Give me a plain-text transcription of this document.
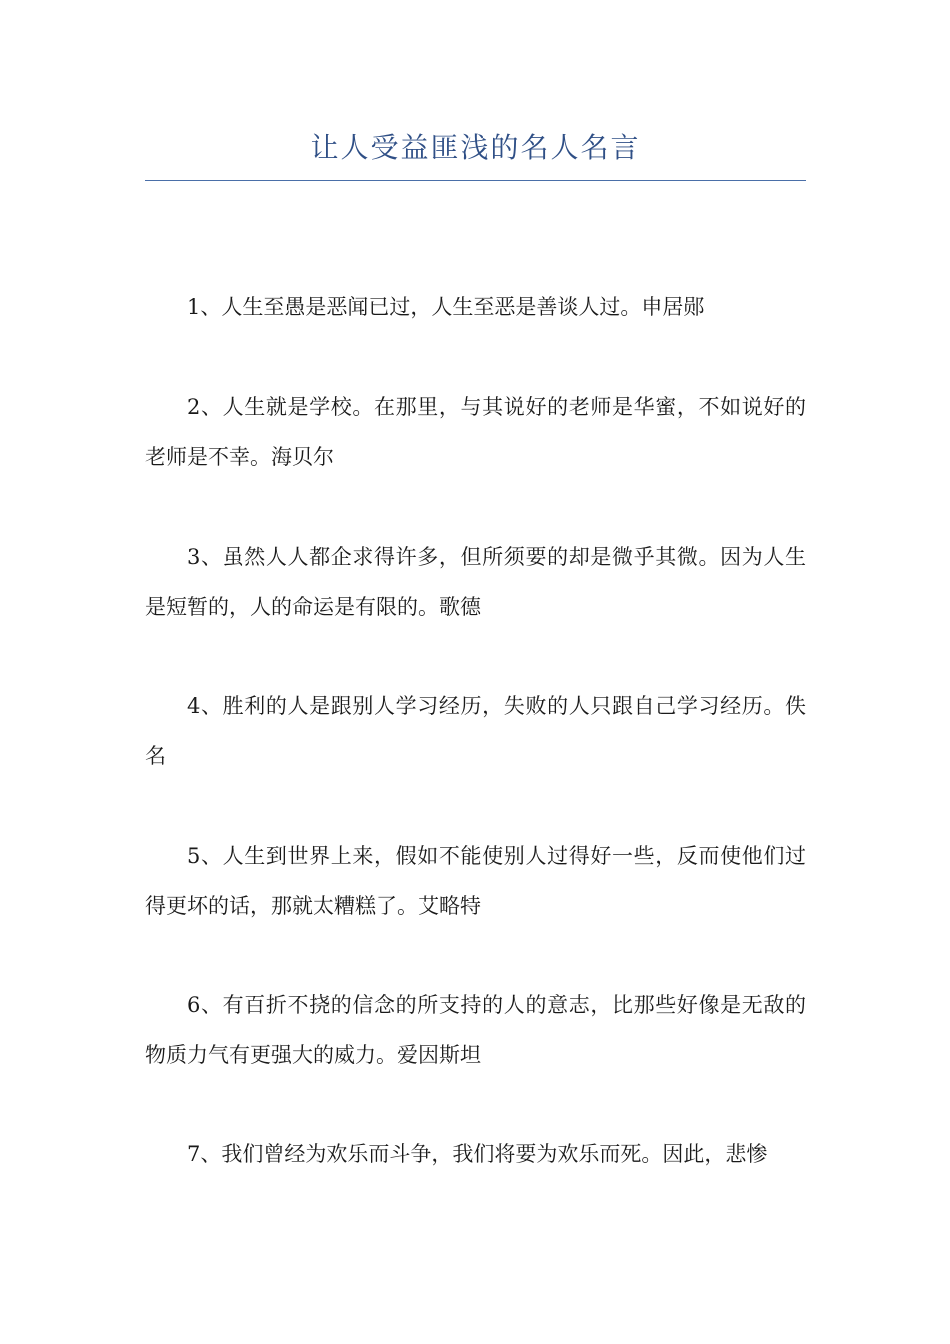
让人受益匪浅的名人名言

1、人生至愚是恶闻已过，人生至恶是善谈人过。申居郧

2、人生就是学校。在那里，与其说好的老师是华蜜，不如说好的老师是不幸。海贝尔

3、虽然人人都企求得许多，但所须要的却是微乎其微。因为人生是短暂的，人的命运是有限的。歌德

4、胜利的人是跟别人学习经历，失败的人只跟自己学习经历。佚名

5、人生到世界上来，假如不能使别人过得好一些，反而使他们过得更坏的话，那就太糟糕了。艾略特

6、有百折不挠的信念的所支持的人的意志，比那些好像是无敌的物质力气有更强大的威力。爱因斯坦

7、我们曾经为欢乐而斗争，我们将要为欢乐而死。因此，悲惨
